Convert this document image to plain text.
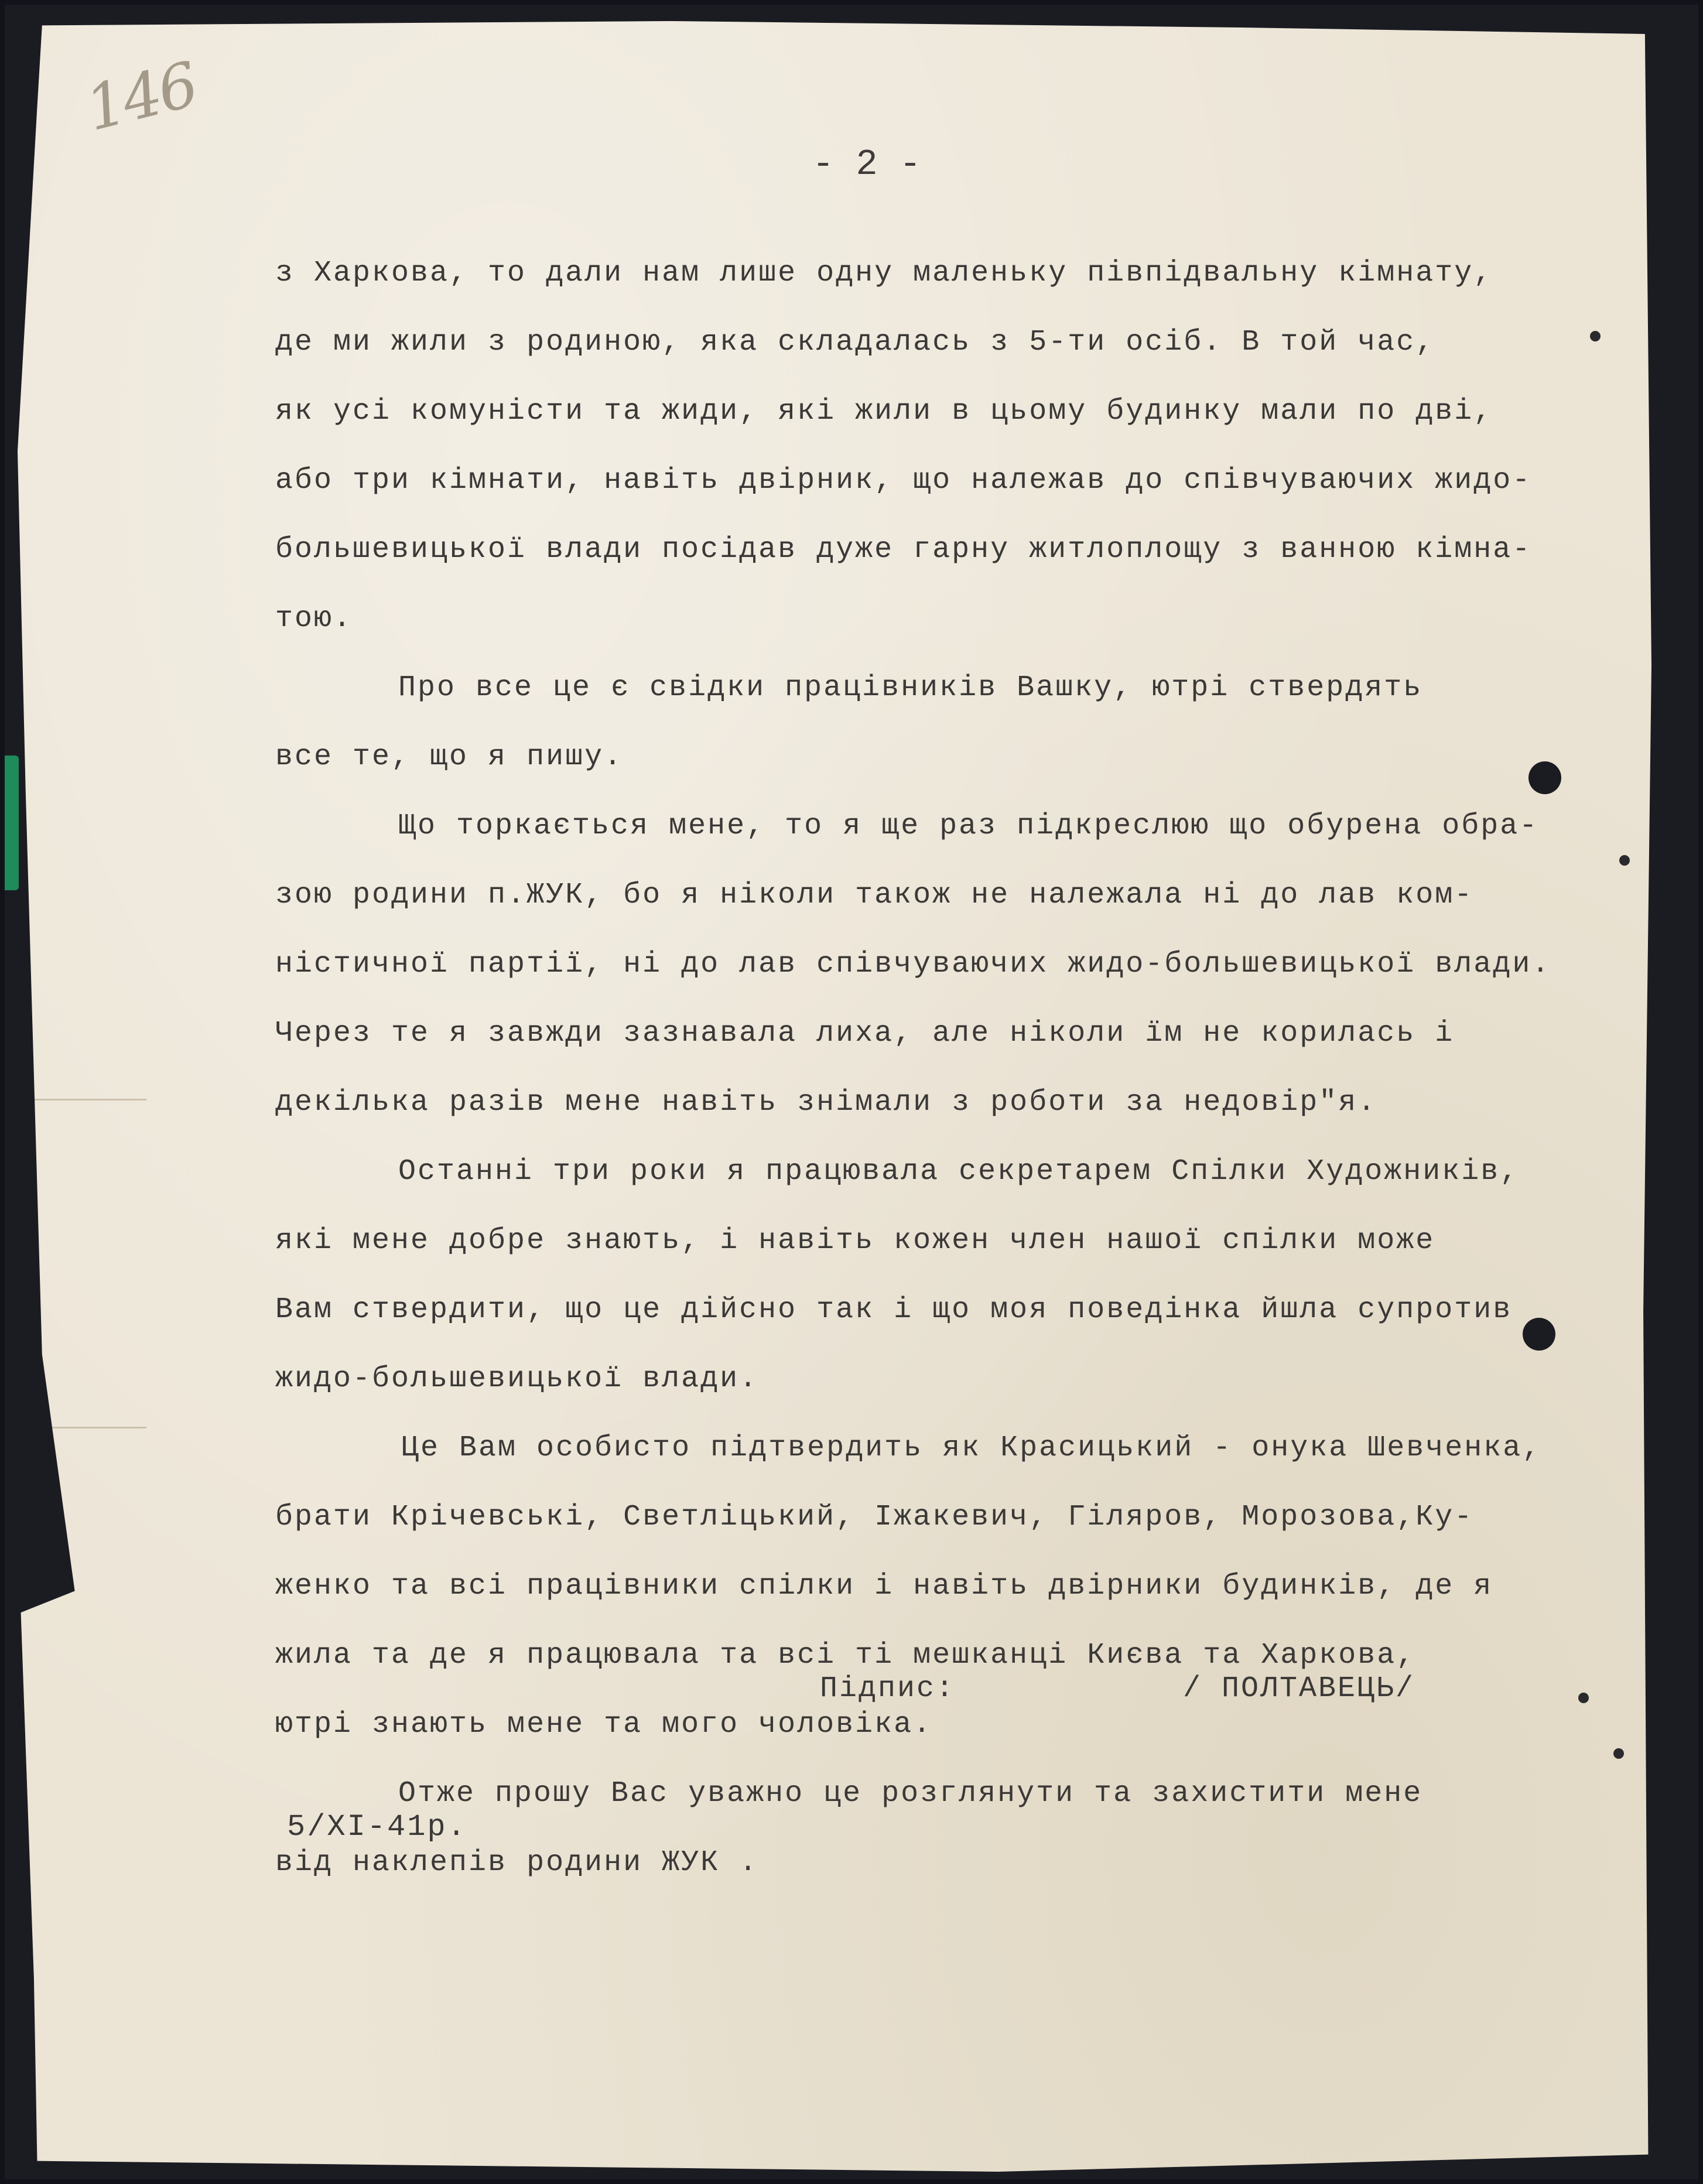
146
- 2 -

з Харкова, то дали нам лише одну маленьку півпідвальну кімнату,

де ми жили з родиною, яка складалась з 5-ти осіб. В той час,

як усі комуністи та жиди, які жили в цьому будинку мали по дві,

або три кімнати, навіть двірник, що належав до співчуваючих жидо-

большевицької влади посідав дуже гарну житлоплощу з ванною кімна-

тою.

Про все це є свідки працівників Вашку, ютрі ствердять

все те, що я пишу.

Що торкається мене, то я ще раз підкреслюю що обурена обра-

зою родини п.ЖУК, бо я ніколи також не належала ні до лав ком-

ністичної партії, ні до лав співчуваючих жидо-большевицької влади.

Через те я завжди зазнавала лиха, але ніколи їм не корилась і

декілька разів мене навіть знімали з роботи за недовір"я.

Останні три роки я працювала секретарем Спілки Художників,

які мене добре знають, і навіть кожен член нашої спілки може

Вам ствердити, що це дійсно так і що моя поведінка йшла супротив

жидо-большевицької влади.

Це Вам особисто підтвердить як Красицький - онука Шевченка,

брати Крічевські, Светліцький, Іжакевич, Гіляров, Морозова,Ку-

женко та всі працівники спілки і навіть двірники будинків, де я

жила та де я працювала та всі ті мешканці Києва та Харкова,

ютрі знають мене та мого чоловіка.

Отже прошу Вас уважно це розглянути та захистити мене

від наклепів родини ЖУК .

Підпис:	/ ПОЛТАВЕЦЬ/
5/XI-41р.
